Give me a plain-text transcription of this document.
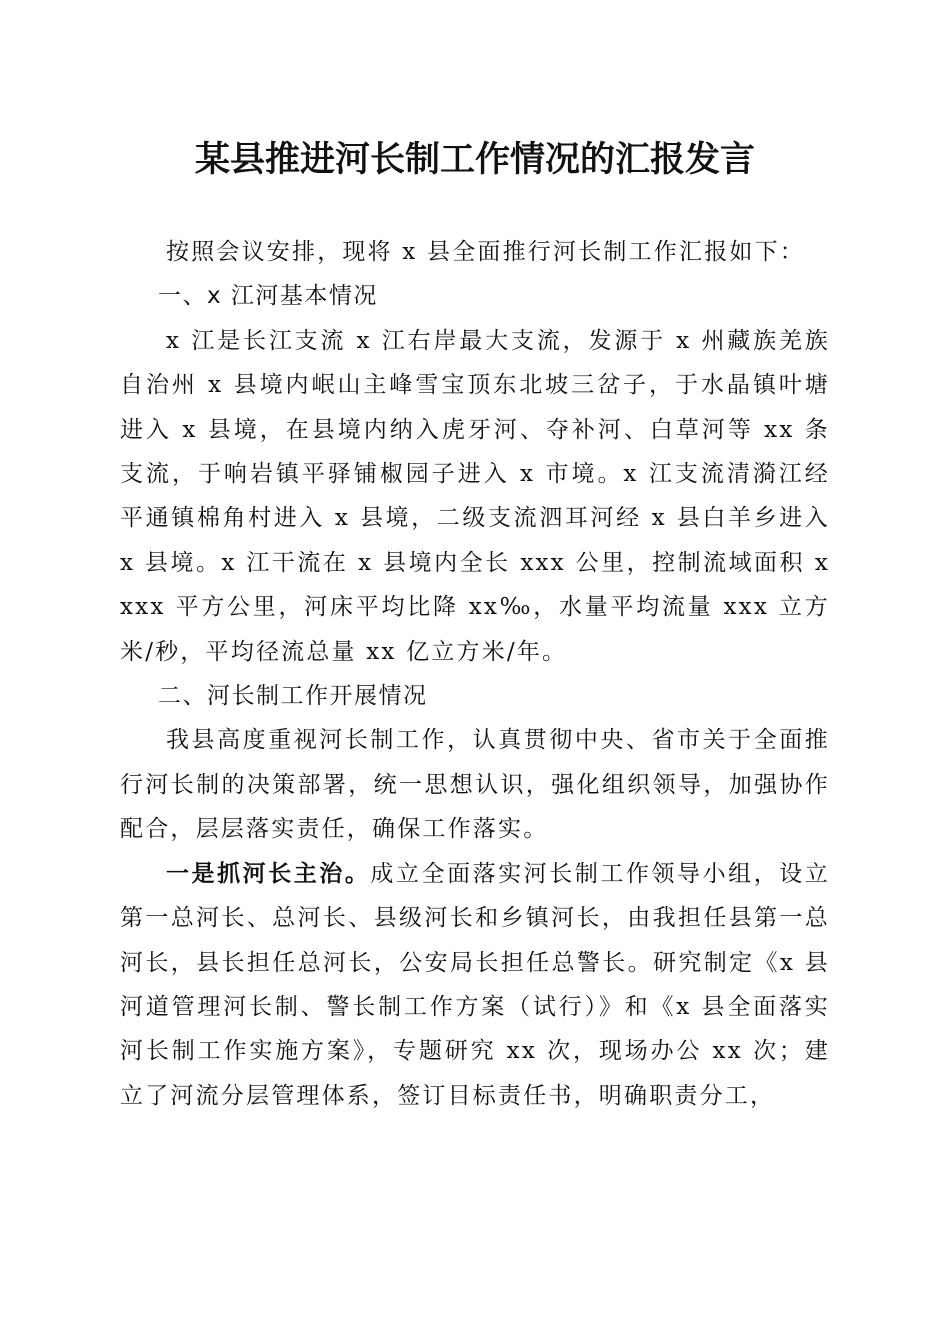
某县推进河长制工作情况的汇报发言

按照会议安排，现将 x 县全面推行河长制工作汇报如下：

一、x 江河基本情况

x 江是长江支流 x 江右岸最大支流，发源于 x 州藏族羌族自治州 x 县境内岷山主峰雪宝顶东北坡三岔子，于水晶镇叶塘进入 x 县境，在县境内纳入虎牙河、夺补河、白草河等 xx 条支流，于响岩镇平驿铺椒园子进入 x 市境。x 江支流清漪江经平通镇棉角村进入 x 县境，二级支流泗耳河经 x 县白羊乡进入 x 县境。x 江干流在 x 县境内全长 xxx 公里，控制流域面积 xxxx 平方公里，河床平均比降 xx‰，水量平均流量 xxx 立方米/秒，平均径流总量 xx 亿立方米/年。

二、河长制工作开展情况

我县高度重视河长制工作，认真贯彻中央、省市关于全面推行河长制的决策部署，统一思想认识，强化组织领导，加强协作配合，层层落实责任，确保工作落实。

一是抓河长主治。成立全面落实河长制工作领导小组，设立第一总河长、总河长、县级河长和乡镇河长，由我担任县第一总河长，县长担任总河长，公安局长担任总警长。研究制定《x 县河道管理河长制、警长制工作方案（试行）》和《x 县全面落实河长制工作实施方案》，专题研究 xx 次，现场办公 xx 次；建立了河流分层管理体系，签订目标责任书，明确职责分工，
